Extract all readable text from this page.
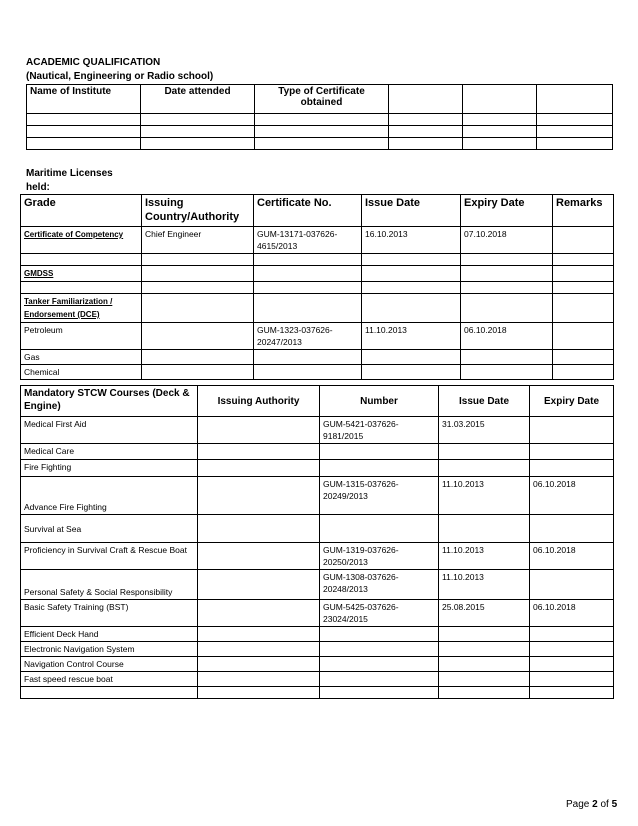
ACADEMIC QUALIFICATION
(Nautical, Engineering or Radio school)
Name of Institute	Date attended	Type of Certificate obtained			

Maritime Licenses
held:
Grade	Issuing Country/Authority	Certificate No.	Issue Date	Expiry Date	Remarks
Certificate of Competency	Chief Engineer	GUM-13171-037626-4615/2013	16.10.2013	07.10.2018	

GMDSS					

Tanker Familiarization / Endorsement (DCE)					
Petroleum		GUM-1323-037626-20247/2013	11.10.2013	06.10.2018	
Gas					
Chemical					
Mandatory STCW Courses (Deck & Engine)	Issuing Authority	Number	Issue Date	Expiry Date
Medical First Aid		GUM-5421-037626-9181/2015	31.03.2015	
Medical Care				
Fire Fighting				
Advance Fire Fighting		GUM-1315-037626-20249/2013	11.10.2013	06.10.2018
Survival at Sea				
Proficiency in Survival Craft & Rescue Boat		GUM-1319-037626-20250/2013	11.10.2013	06.10.2018
Personal Safety & Social Responsibility		GUM-1308-037626-20248/2013	11.10.2013	
Basic Safety Training (BST)		GUM-5425-037626-23024/2015	25.08.2015	06.10.2018
Efficient Deck Hand				
Electronic Navigation System				
Navigation Control Course				
Fast speed rescue boat				

Page 2 of 5
